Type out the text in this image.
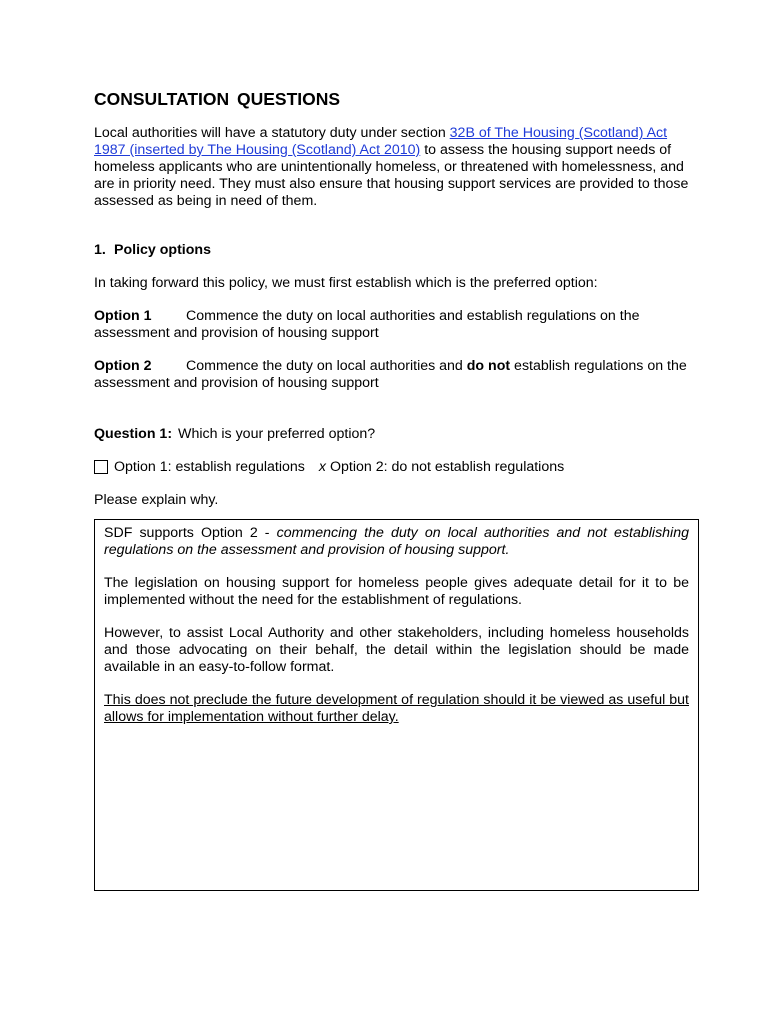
CONSULTATION QUESTIONS

Local authorities will have a statutory duty under section 32B of The Housing (Scotland) Act 1987 (inserted by The Housing (Scotland) Act 2010) to assess the housing support needs of homeless applicants who are unintentionally homeless, or threatened with homelessness, and are in priority need. They must also ensure that housing support services are provided to those assessed as being in need of them.

1. Policy options

In taking forward this policy, we must first establish which is the preferred option:

Option 1 Commence the duty on local authorities and establish regulations on the assessment and provision of housing support

Option 2 Commence the duty on local authorities and do not establish regulations on the assessment and provision of housing support

Question 1: Which is your preferred option?

Option 1: establish regulations x Option 2: do not establish regulations

Please explain why.

SDF supports Option 2 - commencing the duty on local authorities and not establishing regulations on the assessment and provision of housing support.

The legislation on housing support for homeless people gives adequate detail for it to be implemented without the need for the establishment of regulations.

However, to assist Local Authority and other stakeholders, including homeless households and those advocating on their behalf, the detail within the legislation should be made available in an easy-to-follow format.

This does not preclude the future development of regulation should it be viewed as useful but allows for implementation without further delay.
